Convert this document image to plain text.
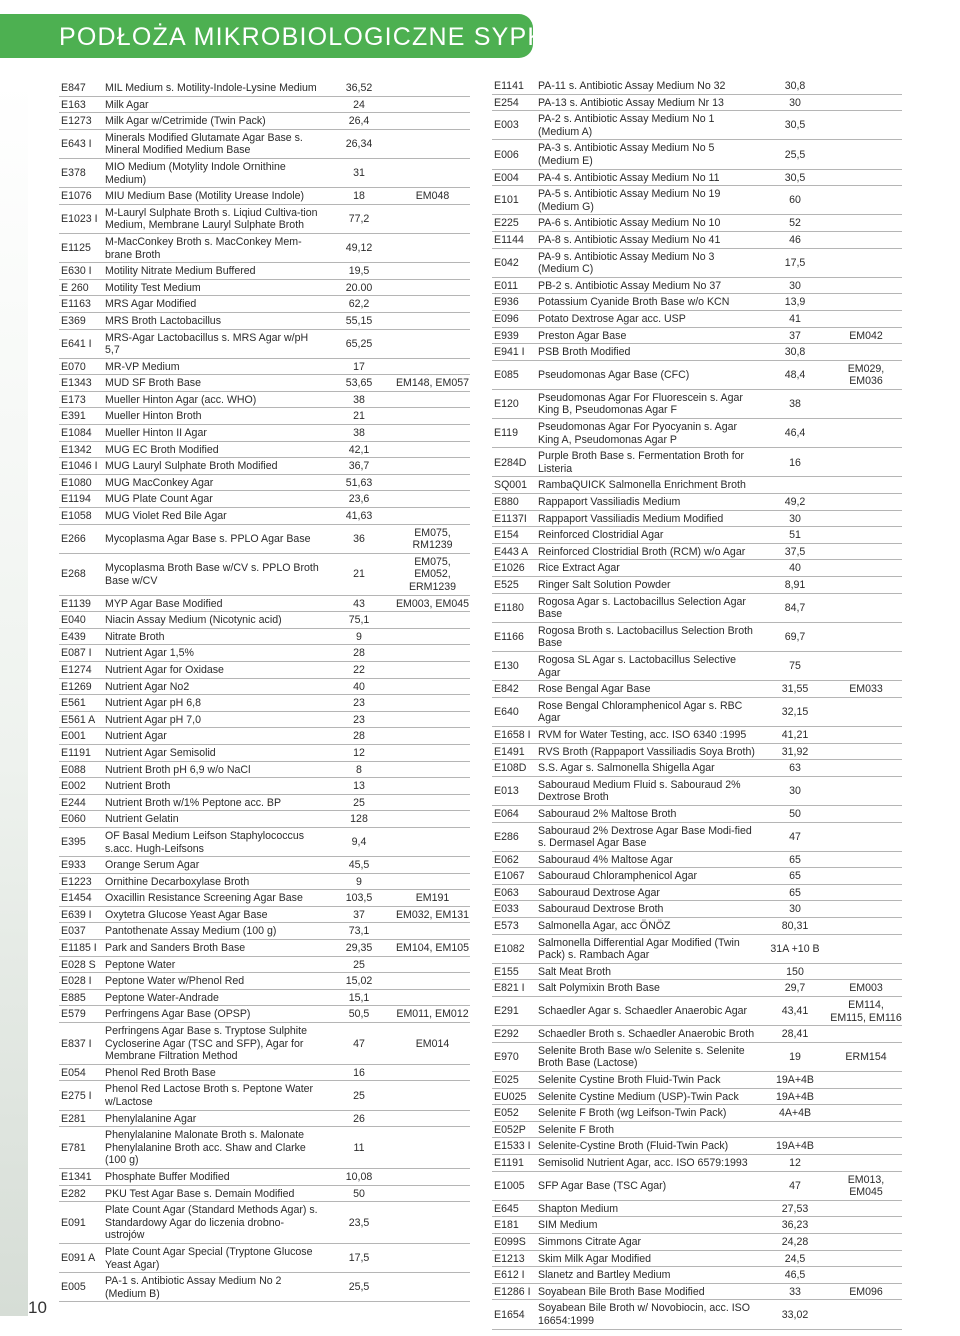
PODŁOŻA MIKROBIOLOGICZNE SYPKIE
E847	MIL Medium s. Motility-Indole-Lysine Medium	36,52	
E163	Milk Agar	24	
E1273	Milk Agar w/Cetrimide (Twin Pack)	26,4	
E643 I	Minerals Modified Glutamate Agar Base s. Mineral Modified Medium Base	26,34	
E378	MIO Medium (Motylity Indole Ornithine Medium)	31	
E1076	MIU Medium Base (Motility Urease Indole)	18	EM048
E1023 I	M-Lauryl Sulphate Broth s. Liqiud Cultiva-tion Medium, Membrane Lauryl Sulphate Broth	77,2	
E1125	M-MacConkey Broth s. MacConkey Mem-brane Broth	49,12	
E630 I	Motility Nitrate Medium Buffered	19,5	
E 260	Motility Test Medium	20.00	
E1163	MRS Agar Modified	62,2	
E369	MRS Broth Lactobacillus	55,15	
E641 I	MRS-Agar Lactobacillus s. MRS Agar w/pH 5,7	65,25	
E070	MR-VP Medium	17	
E1343	MUD SF Broth Base	53,65	EM148, EM057
E173	Mueller Hinton Agar (acc. WHO)	38	
E391	Mueller Hinton Broth	21	
E1084	Mueller Hinton II Agar	38	
E1342	MUG EC Broth Modified	42,1	
E1046 I	MUG Lauryl Sulphate Broth Modified	36,7	
E1080	MUG MacConkey Agar	51,63	
E1194	MUG Plate Count Agar	23,6	
E1058	MUG Violet Red Bile Agar	41,63	
E266	Mycoplasma Agar Base s. PPLO Agar Base	36	EM075, RM1239
E268	Mycoplasma Broth Base w/CV s. PPLO Broth Base w/CV	21	EM075, EM052, ERM1239
E1139	MYP Agar Base Modified	43	EM003, EM045
E040	Niacin Assay Medium (Nicotynic acid)	75,1	
E439	Nitrate Broth	9	
E087 I	Nutrient Agar 1,5%	28	
E1274	Nutrient Agar for Oxidase	22	
E1269	Nutrient Agar No2	40	
E561	Nutrient Agar pH 6,8	23	
E561 A	Nutrient Agar pH 7,0	23	
E001	Nutrient Agar	28	
E1191	Nutrient Agar Semisolid	12	
E088	Nutrient Broth pH 6,9 w/o NaCl	8	
E002	Nutrient Broth	13	
E244	Nutrient Broth w/1% Peptone acc. BP	25	
E060	Nutrient Gelatin	128	
E395	OF Basal Medium Leifson Staphylococcus s.acc. Hugh-Leifsons	9,4	
E933	Orange Serum Agar	45,5	
E1223	Ornithine Decarboxylase Broth	9	
E1454	Oxacillin Resistance Screening Agar Base	103,5	EM191
E639 I	Oxytetra Glucose Yeast Agar Base	37	EM032, EM131
E037	Pantothenate Assay Medium (100 g)	73,1	
E1185 I	Park and Sanders Broth Base	29,35	EM104, EM105
E028 S	Peptone Water	25	
E028 I	Peptone Water w/Phenol Red	15,02	
E885	Peptone Water-Andrade	15,1	
E579	Perfringens Agar Base (OPSP)	50,5	EM011, EM012
E837 I	Perfringens Agar Base s. Tryptose Sulphite Cycloserine Agar (TSC and SFP), Agar for Membrane Filtration Method	47	EM014
E054	Phenol Red Broth Base	16	
E275 I	Phenol Red Lactose Broth s. Peptone Water w/Lactose	25	
E281	Phenylalanine Agar	26	
E781	Phenylalanine Malonate Broth s. Malonate Phenylalanine Broth acc. Shaw and Clarke (100 g)	11	
E1341	Phosphate Buffer Modified	10,08	
E282	PKU Test Agar Base s. Demain Modified	50	
E091	Plate Count Agar (Standard Methods Agar) s. Standardowy Agar do liczenia drobno-ustrojów	23,5	
E091 A	Plate Count Agar Special (Tryptone Glucose Yeast Agar)	17,5	
E005	PA-1 s. Antibiotic Assay Medium No 2 (Medium B)	25,5	
E1141	PA-11 s. Antibiotic Assay Medium No 32	30,8	
E254	PA-13 s. Antibiotic Assay Medium Nr 13	30	
E003	PA-2 s. Antibiotic Assay Medium No 1 (Medium A)	30,5	
E006	PA-3 s. Antibiotic Assay Medium No 5 (Medium E)	25,5	
E004	PA-4 s. Antibiotic Assay Medium No 11	30,5	
E101	PA-5 s. Antibiotic Assay Medium No 19 (Medium G)	60	
E225	PA-6 s. Antibiotic Assay Medium No 10	52	
E1144	PA-8 s. Antibiotic Assay Medium No 41	46	
E042	PA-9 s. Antibiotic Assay Medium No 3 (Medium C)	17,5	
E011	PB-2 s. Antibiotic Assay Medium No 37	30	
E936	Potassium Cyanide Broth Base w/o KCN	13,9	
E096	Potato Dextrose Agar acc. USP	41	
E939	Preston Agar Base	37	EM042
E941 I	PSB Broth Modified	30,8	
E085	Pseudomonas Agar Base (CFC)	48,4	EM029, EM036
E120	Pseudomonas Agar For Fluorescein s. Agar King B, Pseudomonas Agar F	38	
E119	Pseudomonas Agar For Pyocyanin s. Agar King A, Pseudomonas Agar P	46,4	
E284D	Purple Broth Base s. Fermentation Broth for Listeria	16	
SQ001	RambaQUICK Salmonella Enrichment Broth		
E880	Rappaport Vassiliadis Medium	49,2	
E1137I	Rappaport Vassiliadis Medium Modified	30	
E154	Reinforced Clostridial Agar	51	
E443 A	Reinforced Clostridial Broth (RCM) w/o Agar	37,5	
E1026	Rice Extract Agar	40	
E525	Ringer Salt Solution Powder	8,91	
E1180	Rogosa Agar s. Lactobacillus Selection Agar Base	84,7	
E1166	Rogosa Broth s. Lactobacillus Selection Broth Base	69,7	
E130	Rogosa SL Agar s. Lactobacillus Selective Agar	75	
E842	Rose Bengal Agar Base	31,55	EM033
E640	Rose Bengal Chloramphenicol Agar s. RBC Agar	32,15	
E1658 I	RVM for Water Testing, acc. ISO 6340 :1995	41,21	
E1491	RVS Broth (Rappaport Vassiliadis Soya Broth)	31,92	
E108D	S.S. Agar s. Salmonella Shigella Agar	63	
E013	Sabouraud Medium Fluid s. Sabouraud 2% Dextrose Broth	30	
E064	Sabouraud 2% Maltose Broth	50	
E286	Sabouraud 2% Dextrose Agar Base Modi-fied s. Dermasel Agar Base	47	
E062	Sabouraud 4% Maltose Agar	65	
E1067	Sabouraud Chloramphenicol Agar	65	
E063	Sabouraud Dextrose Agar	65	
E033	Sabouraud Dextrose Broth	30	
E573	Salmonella Agar, acc ÖNÖZ	80,31	
E1082	Salmonella Differential Agar Modified (Twin Pack) s. Rambach Agar	31A +10 B	
E155	Salt Meat Broth	150	
E821 I	Salt Polymixin Broth Base	29,7	EM003
E291	Schaedler Agar s. Schaedler Anaerobic Agar	43,41	EM114, EM115, EM116
E292	Schaedler Broth s. Schaedler Anaerobic Broth	28,41	
E970	Selenite Broth Base w/o Selenite s. Selenite Broth Base (Lactose)	19	ERM154
E025	Selenite Cystine Broth Fluid-Twin Pack	19A+4B	
EU025	Selenite Cystine Medium (USP)-Twin Pack	19A+4B	
E052	Selenite F Broth (wg Leifson-Twin Pack)	4A+4B	
E052P	Selenite F Broth		
E1533 I	Selenite-Cystine Broth (Fluid-Twin Pack)	19A+4B	
E1191	Semisolid Nutrient Agar, acc. ISO 6579:1993	12	
E1005	SFP Agar Base (TSC Agar)	47	EM013, EM045
E645	Shapton Medium	27,53	
E181	SIM Medium	36,23	
E099S	Simmons Citrate Agar	24,28	
E1213	Skim Milk Agar Modified	24,5	
E612 I	Slanetz and Bartley Medium	46,5	
E1286 I	Soyabean Bile Broth Base Modified	33	EM096
E1654	Soyabean Bile Broth w/ Novobiocin, acc. ISO 16654:1999	33,02	
10
